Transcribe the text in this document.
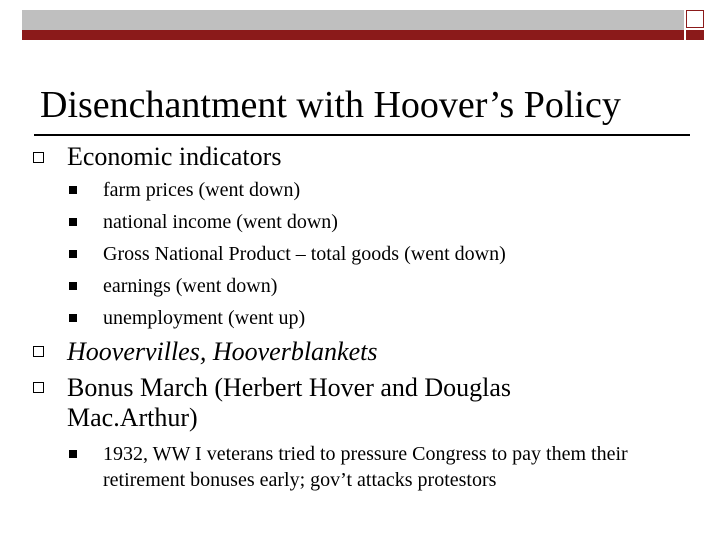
Disenchantment with Hoover’s Policy
Economic indicators
farm prices (went down)
national income (went down)
Gross National Product – total goods (went down)
earnings (went down)
unemployment (went up)
Hoovervilles, Hooverblankets
Bonus March (Herbert Hover and Douglas Mac.Arthur)
1932, WW I veterans tried to pressure Congress to pay them their retirement bonuses early; gov’t attacks protestors
